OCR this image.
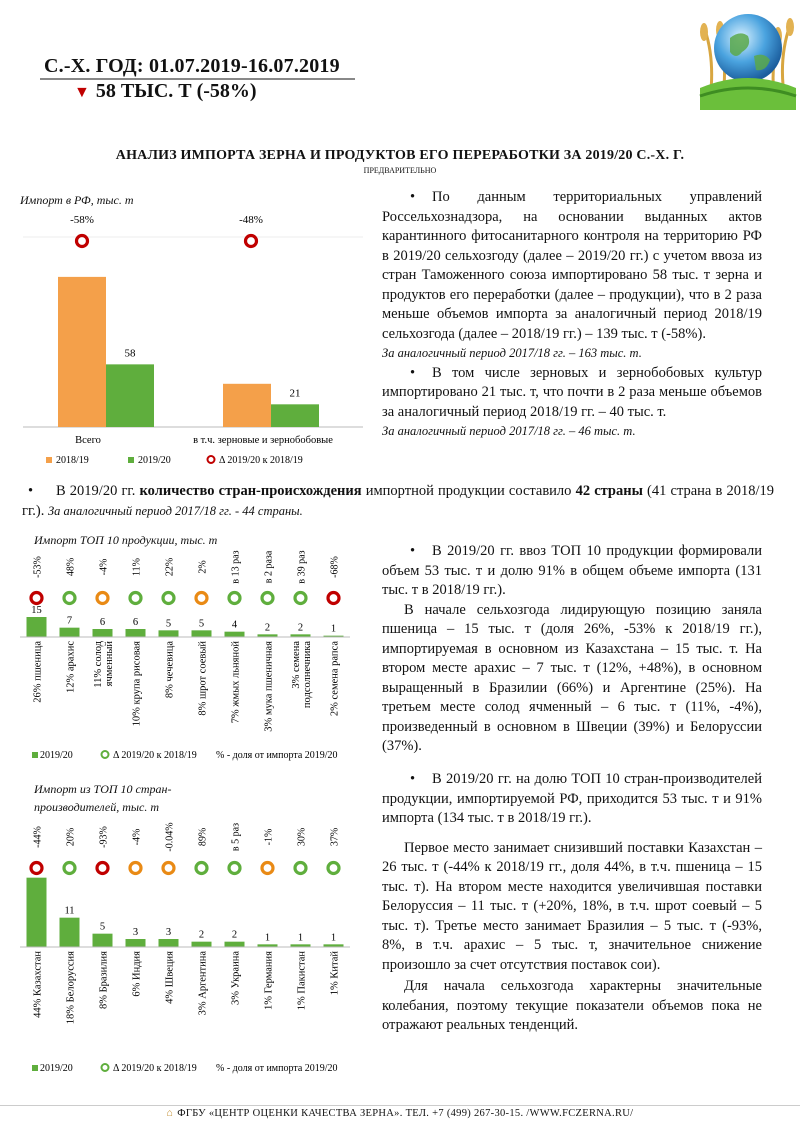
С.-Х. ГОД: 01.07.2019-16.07.2019
▼ 58 ТЫС. Т (-58%)
АНАЛИЗ ИМПОРТА ЗЕРНА И ПРОДУКТОВ ЕГО ПЕРЕРАБОТКИ ЗА 2019/20 С.-Х. Г.
ПРЕДВАРИТЕЛЬНО
Импорт в РФ, тыс. т
58
-58%
Всего
21
-48%
в т.ч. зерновые и зернобобовые
2018/19	2019/20	Δ 2019/20 к 2018/19

• По данным территориальных управлений Россельхознадзора, на основании выданных актов карантинного фитосанитарного контроля на территорию РФ в 2019/20 сельхозгоду (далее – 2019/20 гг.) с учетом ввоза из стран Таможенного союза импортировано 58 тыс. т зерна и продуктов его переработки (далее – продукции), что в 2 раза меньше объемов импорта за аналогичный период 2018/19 сельхозгода (далее – 2018/19 гг.) – 139 тыс. т (-58%).

За аналогичный период 2017/18 гг. – 163 тыс. т.

• В том числе зерновых и зернобобовых культур импортировано 21 тыс. т, что почти в 2 раза меньше объемов за аналогичный период 2018/19 гг. – 40 тыс. т.

За аналогичный период 2017/18 гг. – 46 тыс. т.

• В 2019/20 гг. количество стран-происхождения импортной продукции составило 42 страны (41 страна в 2018/19 гг.). За аналогичный период 2017/18 гг. - 44 страны.
Импорт ТОП 10 продукции, тыс. т
15
-53%
26% пшеница
7
48%
12% арахис
6
-4%
11% солод ячменный
6
11%
10% крупа рисовая
5
22%
8% чечевица
5
2%
8% шрот соевый
4
в 13 раз
7% жмых льняной
2
в 2 раза
3% мука пшеничная
2
в 39 раз
3% семена подсолнечника
1
-68%
2% семена рапса
2019/20	Δ 2019/20 к 2018/19 % - доля от импорта 2019/20

• В 2019/20 гг. ввоз ТОП 10 продукции формировали объем 53 тыс. т и долю 91% в общем объеме импорта (131 тыс. т в 2018/19 гг.).

В начале сельхозгода лидирующую позицию заняла пшеница – 15 тыс. т (доля 26%, -53% к 2018/19 гг.), импортируемая в основном из Казахстана – 15 тыс. т. На втором месте арахис – 7 тыс. т (12%, +48%), в основном выращенный в Бразилии (66%) и Аргентине (25%). На третьем месте солод ячменный – 6 тыс. т (11%, -4%), произведенный в основном в Швеции (39%) и Белоруссии (37%).

Импорт из ТОП 10 стран-производителей, тыс. т
-44%
44% Казахстан
11
20%
18% Белоруссия
5
-93%
8% Бразилия
3
-4%
6% Индия
3
-0.04%
4% Швеция
2
89%
3% Аргентина
2
в 5 раз
3% Украина
1
-1%
1% Германия
1
30%
1% Пакистан
1
37%
1% Китай
2019/20	Δ 2019/20 к 2018/19 % - доля от импорта 2019/20

• В 2019/20 гг. на долю ТОП 10 стран-производителей продукции, импортируемой РФ, приходится 53 тыс. т и 91% импорта (134 тыс. т в 2018/19 гг.).

Первое место занимает снизивший поставки Казахстан – 26 тыс. т (-44% к 2018/19 гг., доля 44%, в т.ч. пшеница – 15 тыс. т). На втором месте находится увеличившая поставки Белоруссия – 11 тыс. т (+20%, 18%, в т.ч. шрот соевый – 5 тыс. т). Третье место занимает Бразилия – 5 тыс. т (-93%, 8%, в т.ч. арахис – 5 тыс. т, значительное снижение произошло за счет отсутствия поставок сои).

Для начала сельхозгода характерны значительные колебания, поэтому текущие показатели объемов пока не отражают реальных тенденций.

⌂ ФГБУ «ЦЕНТР ОЦЕНКИ КАЧЕСТВА ЗЕРНА». ТЕЛ. +7 (499) 267-30-15. /WWW.FCZERNA.RU/
